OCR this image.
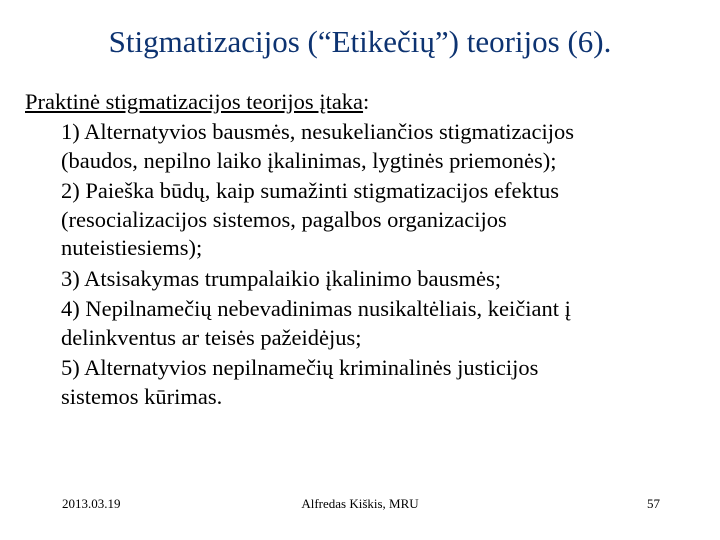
Stigmatizacijos (“Etikečių”) teorijos (6).
Praktinė stigmatizacijos teorijos įtaka:
1) Alternatyvios bausmės, nesukeliančios stigmatizacijos
(baudos, nepilno laiko įkalinimas, lygtinės priemonės);
2) Paieška būdų, kaip sumažinti stigmatizacijos efektus
(resocializacijos sistemos, pagalbos organizacijos
nuteistiesiems);
3) Atsisakymas trumpalaikio įkalinimo bausmės;
4) Nepilnamečių nebevadinimas nusikaltėliais, keičiant į
delinkventus ar teisės pažeidėjus;
5) Alternatyvios nepilnamečių kriminalinės justicijos
sistemos kūrimas.
2013.03.19	Alfredas Kiškis, MRU	57
